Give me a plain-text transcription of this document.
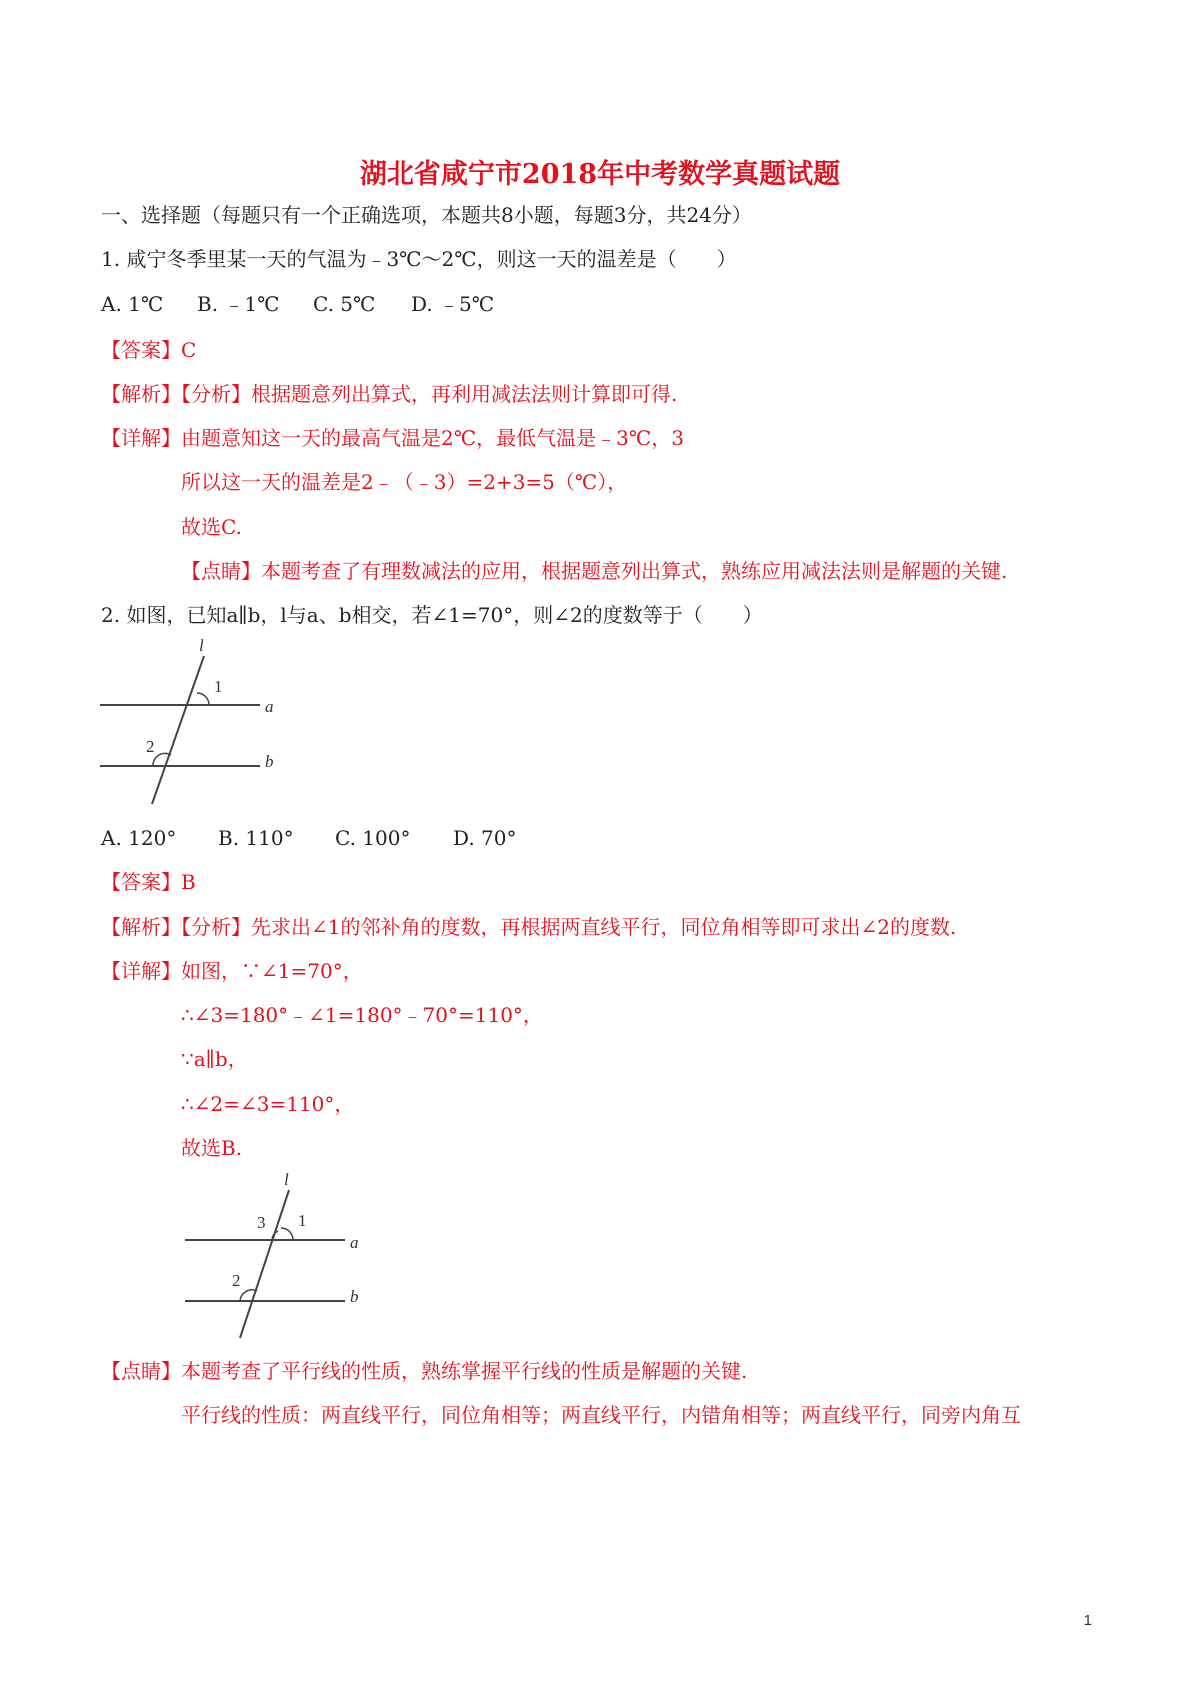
湖北省咸宁市2018年中考数学真题试题
一、选择题（每题只有一个正确选项，本题共8小题，每题3分，共24分）
1. 咸宁冬季里某一天的气温为﹣3℃～2℃，则这一天的温差是（　　）
A. 1℃ B. ﹣1℃ C. 5℃ D. ﹣5℃
【答案】C
【解析】【分析】根据题意列出算式，再利用减法法则计算即可得.
【详解】由题意知这一天的最高气温是2℃，最低气温是﹣3℃，3
所以这一天的温差是2﹣（﹣3）=2+3=5（℃），
故选C.
【点睛】本题考查了有理数减法的应用，根据题意列出算式，熟练应用减法法则是解题的关键.
2. 如图，已知a∥b，l与a、b相交，若∠1=70°，则∠2的度数等于（　　）
l
1
a
2
b
A. 120° B. 110° C. 100° D. 70°
【答案】B
【解析】【分析】先求出∠1的邻补角的度数，再根据两直线平行，同位角相等即可求出∠2的度数.
【详解】如图，∵∠1=70°，
∴∠3=180°﹣∠1=180°﹣70°=110°，
∵a∥b，
∴∠2=∠3=110°，
故选B.
l
3 1
a
2
b
【点睛】本题考查了平行线的性质，熟练掌握平行线的性质是解题的关键.
平行线的性质：两直线平行，同位角相等；两直线平行，内错角相等；两直线平行，同旁内角互
1
